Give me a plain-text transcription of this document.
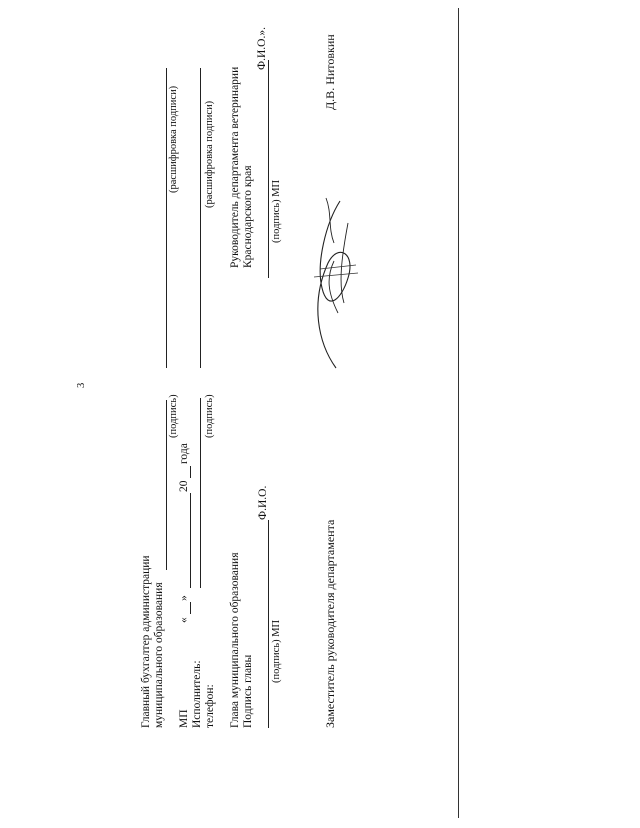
Главный бухгалтер администрации муниципального образования
(подпись)
(расшифровка подписи)
МП
«
»
20
года
Исполнитель: телефон:
(подпись)
(расшифровка подписи)
Глава муниципального образования Подпись главы
Ф.И.О.
(подпись) МП
Руководитель департамента ветеринарии Краснодарского края
Ф.И.О.».
(подпись) МП
Заместитель руководителя департамента
Д.В. Нитовкин
3
